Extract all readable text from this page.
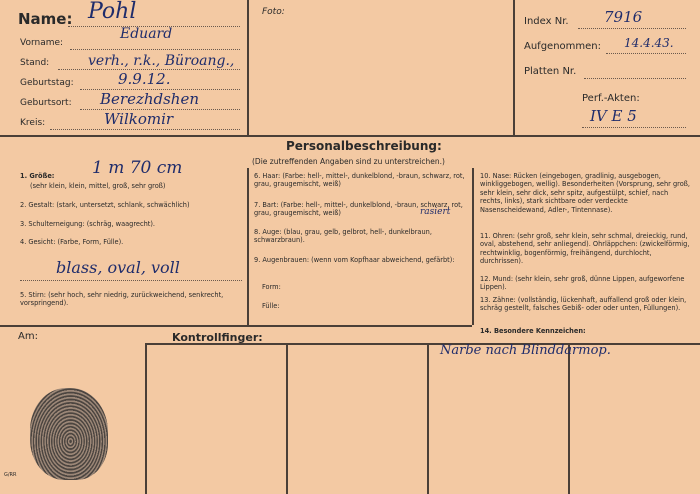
Name: Pohl
Vorname:
Eduard
Stand:	verh., r.k., Büroang.,
Geburtstag:	9.9.12.
Geburtsort: Berezhdshen
Kreis:	Wilkomir
Foto:
Index Nr. 7916
Aufgenommen: 14.4.43.
Platten Nr.
Perf.-Akten:
IV E 5
Personalbeschreibung:
(Die zutreffenden Angaben sind zu unterstreichen.)
1. Größe: 1 m 70 cm
(sehr klein, klein, mittel, groß, sehr groß)
2. Gestalt: (stark, untersetzt, schlank, schwächlich)
3. Schulterneigung: (schräg, waagrecht).
4. Gesicht: (Farbe, Form, Fülle).
blass, oval, voll
5. Stirn: (sehr hoch, sehr niedrig, zurückweichend, senkrecht, vorspringend).
6. Haar: (Farbe: hell-, mittel-, dunkelblond, -braun, schwarz, rot, grau, graugemischt, weiß)
7. Bart: (Farbe: hell-, mittel-, dunkelblond, -braun, schwarz, rot, grau, graugemischt, weiß)	rasiert
8. Auge: (blau, grau, gelb, gelbrot, hell-, dunkelbraun, schwarzbraun).
9. Augenbrauen: (wenn vom Kopfhaar abweichend, gefärbt):
Form:
Fülle:
10. Nase: Rücken (eingebogen, gradlinig, ausgebogen, winkliggebogen, wellig). Besonderheiten (Vorsprung, sehr groß, sehr klein, sehr dick, sehr spitz, aufgestülpt, schief, nach rechts, links), stark sichtbare oder verdeckte Nasenscheidewand, Adler-, Tintennase).
11. Ohren: (sehr groß, sehr klein, sehr schmal, dreieckig, rund, oval, abstehend, sehr anliegend). Ohrläppchen: (zwickelförmig, rechtwinklig, bogenförmig, freihängend, durchlocht, durchrissen).
12. Mund: (sehr klein, sehr groß, dünne Lippen, aufgeworfene Lippen).
13. Zähne: (vollständig, lückenhaft, auffallend groß oder klein, schräg gestellt, falsches Gebiß- oder oder unten, Füllungen).
14. Besondere Kennzeichen:
Am:	Kontrollfinger:
Narbe nach Blinddarmop.
G/RR
